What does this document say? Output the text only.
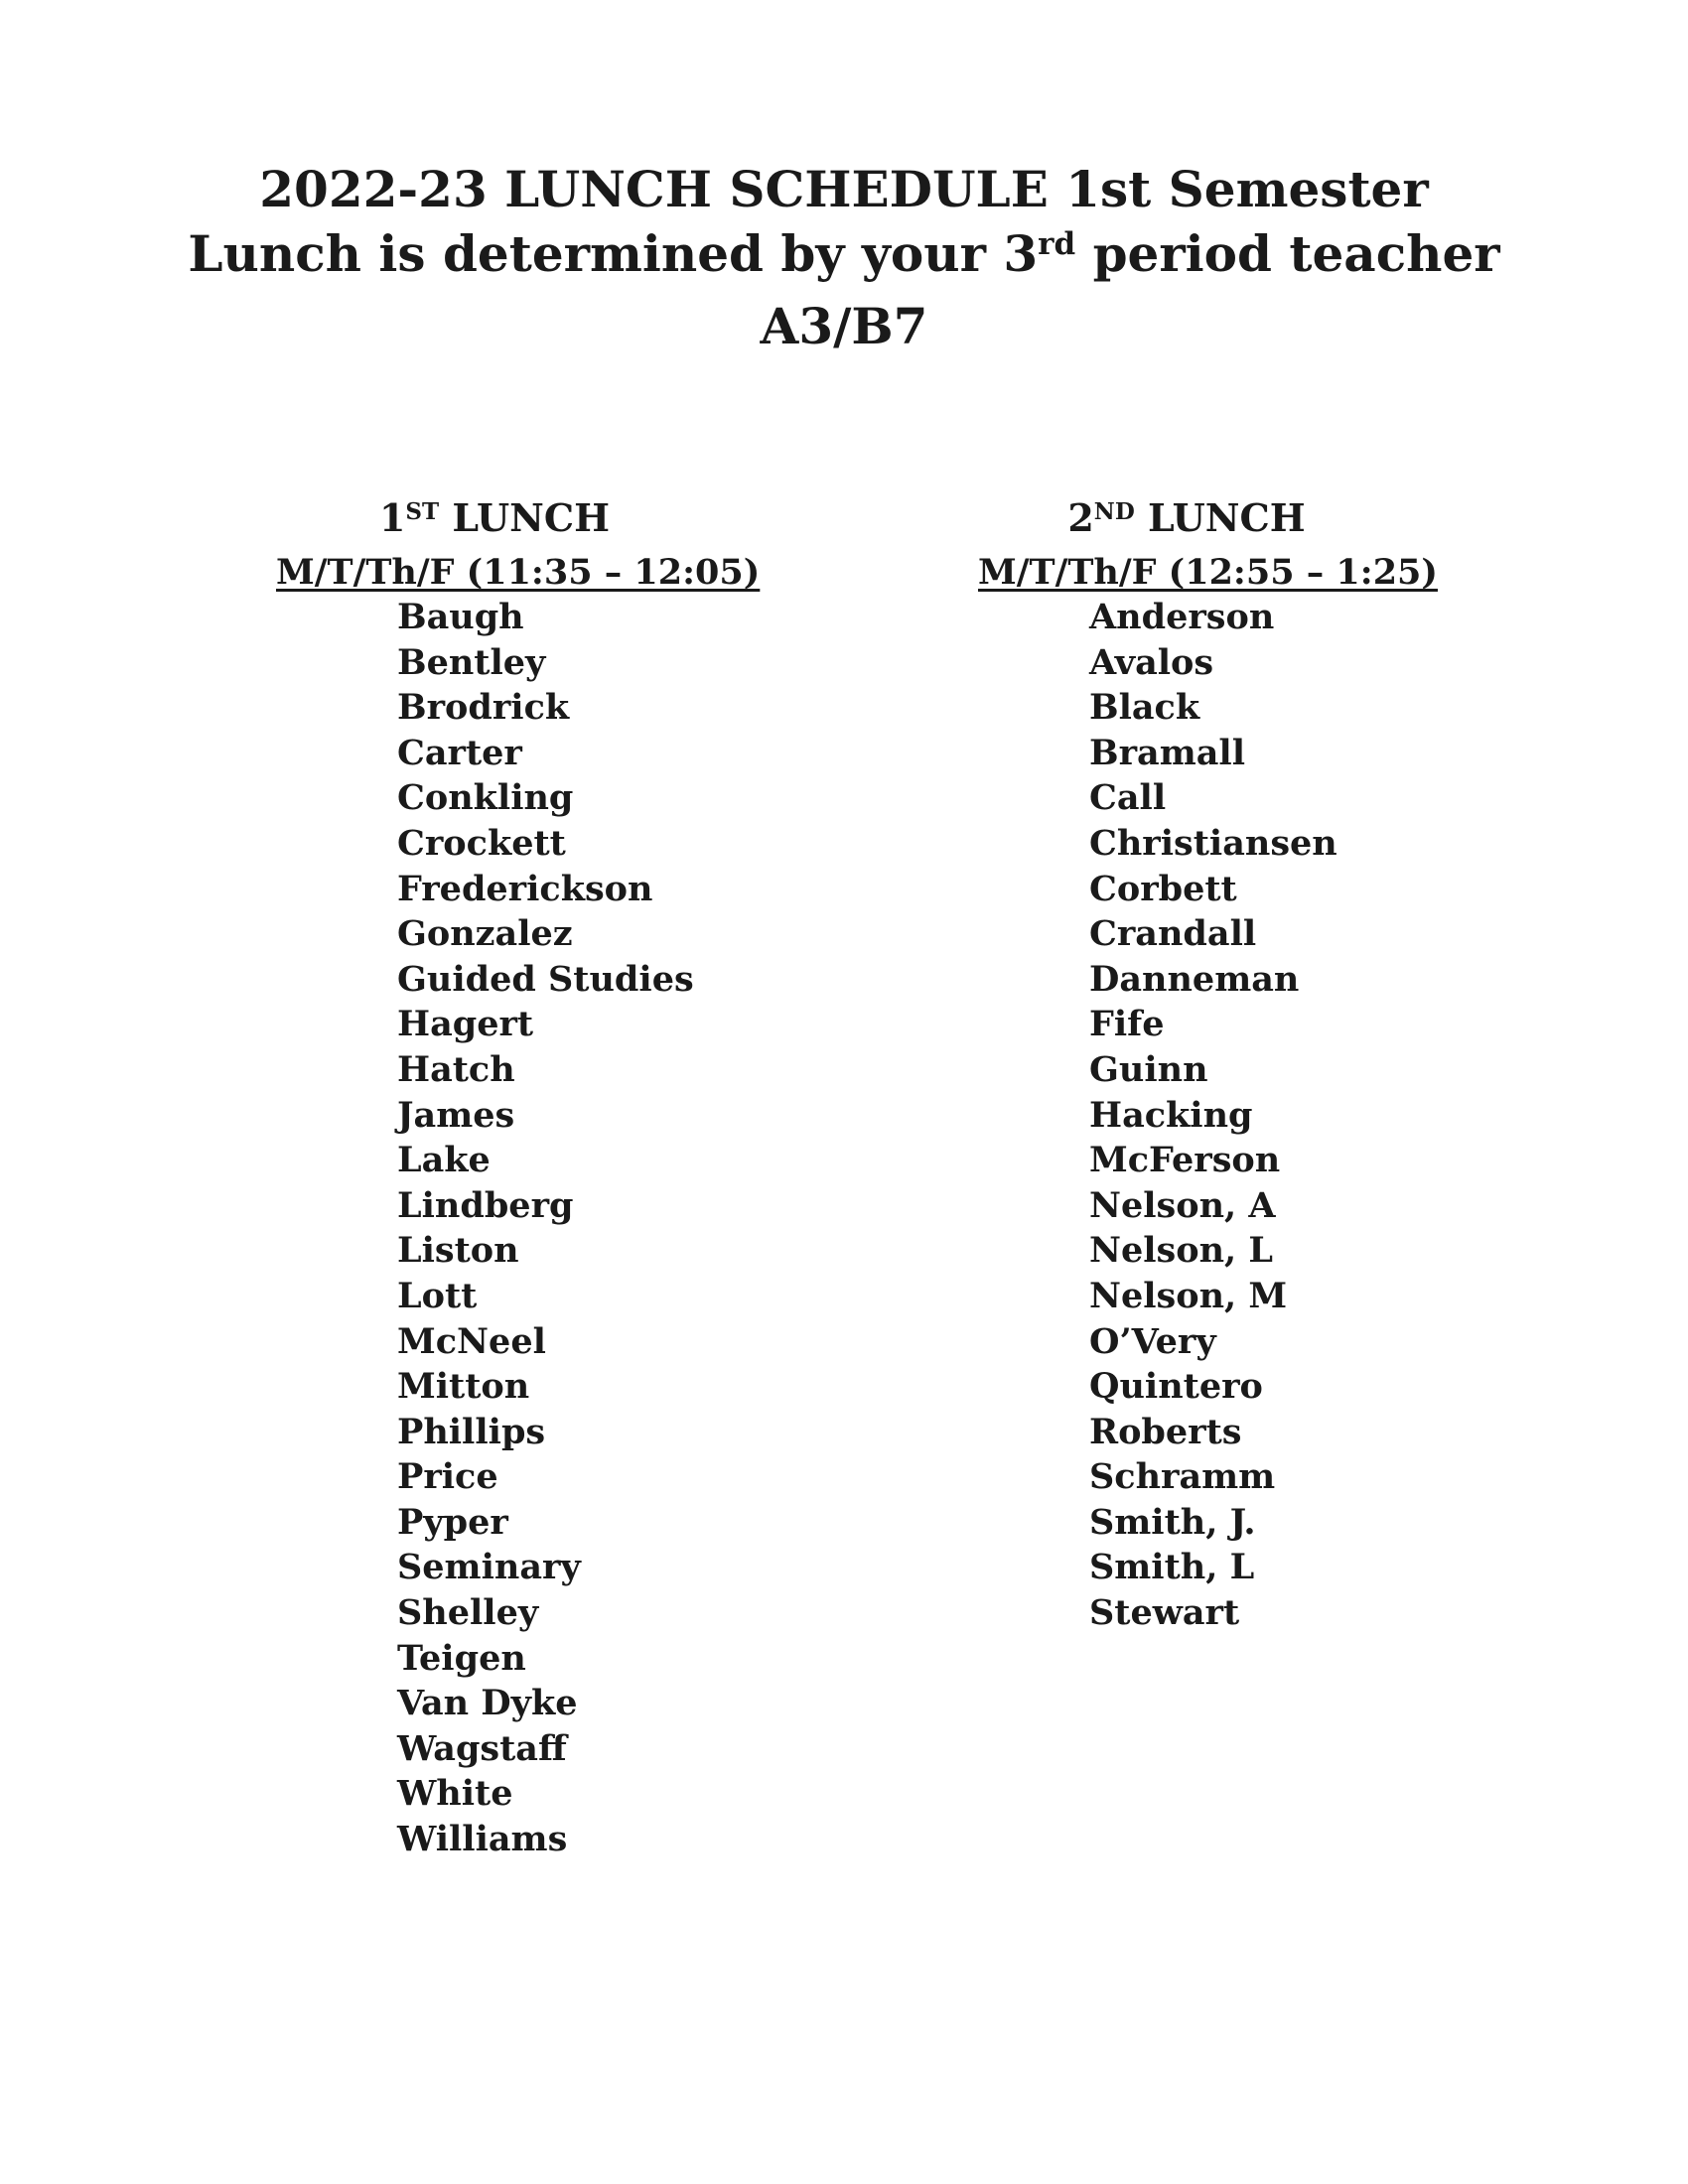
2022-23 LUNCH SCHEDULE 1st Semester
Lunch is determined by your 3rd period teacher
A3/B7
1ST LUNCH
M/T/Th/F (11:35 – 12:05)
Baugh
Bentley
Brodrick
Carter
Conkling
Crockett
Frederickson
Gonzalez
Guided Studies
Hagert
Hatch
James
Lake
Lindberg
Liston
Lott
McNeel
Mitton
Phillips
Price
Pyper
Seminary
Shelley
Teigen
Van Dyke
Wagstaff
White
Williams
2ND LUNCH
M/T/Th/F (12:55 – 1:25)
Anderson
Avalos
Black
Bramall
Call
Christiansen
Corbett
Crandall
Danneman
Fife
Guinn
Hacking
McFerson
Nelson, A
Nelson, L
Nelson, M
O’Very
Quintero
Roberts
Schramm
Smith, J.
Smith, L
Stewart
